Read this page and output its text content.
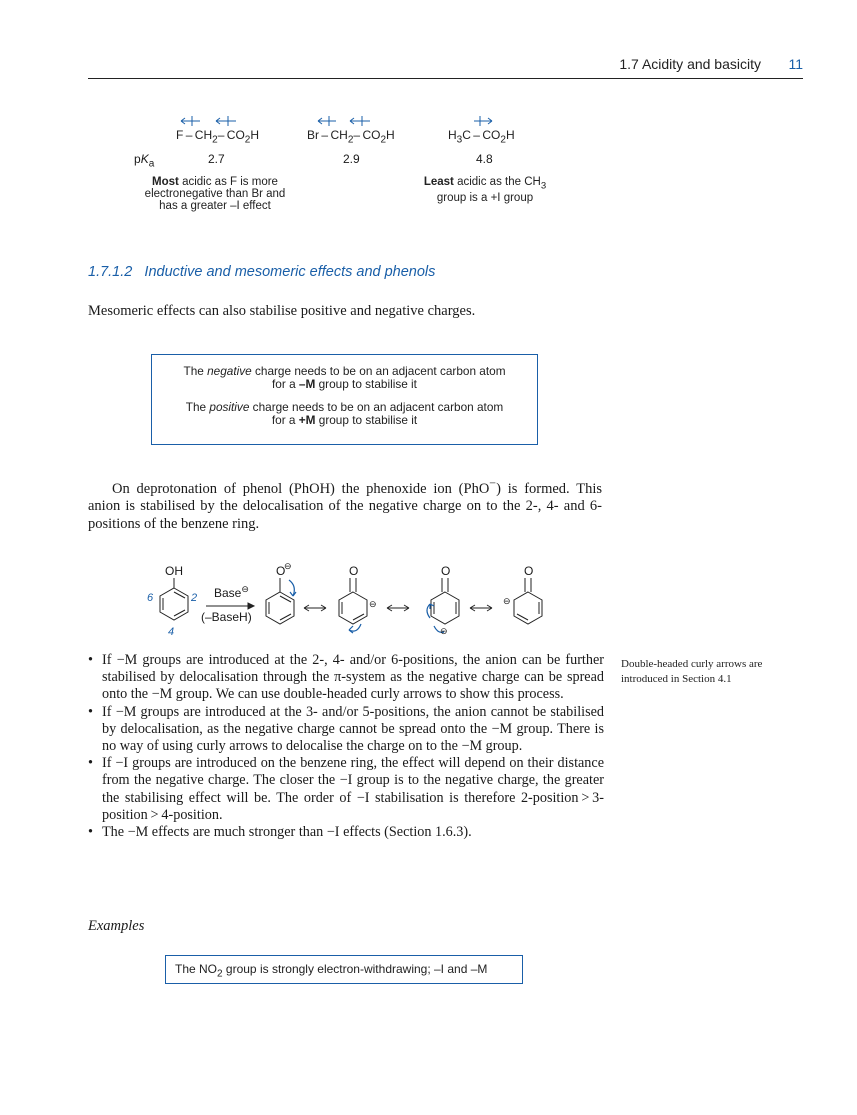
1.7 Acidity and basicity 11
F – $CH_2-$ $CO_2H$	Br – $CH_2-$ $CO_2H$	$H_3C - CO_2H$
$pK_a$	2.7	2.9	4.8
Most acidic as F is more
electronegative than Br and
has a greater –I effect
Least acidic as the $CH_3$
group is a +I group
1.7.1.2   Inductive and mesomeric effects and phenols
Mesomeric effects can also stabilise positive and negative charges.
The negative charge needs to be on an adjacent carbon atom
for a –M group to stabilise it
The positive charge needs to be on an adjacent carbon atom
for a +M group to stabilise it
On deprotonation of phenol (PhOH) the phenoxide ion (PhO−) is formed. This anion is stabilised by the delocalisation of the negative charge on to the 2-, 4- and 6-positions of the benzene ring.
OH
6	2
4
Base⊖
(–BaseH)
O	O	O	O
⊖
⊖
⊖
⊖
• If −M groups are introduced at the 2-, 4- and/or 6-positions, the anion can be further stabilised by delocalisation through the π-system as the negative charge can be spread onto the −M group. We can use double-headed curly arrows to show this process.
• If −M groups are introduced at the 3- and/or 5-positions, the anion cannot be stabilised by delocalisation, as the negative charge cannot be spread onto the −M group. There is no way of using curly arrows to delocalise the charge on to the −M group.
• If −I groups are introduced on the benzene ring, the effect will depend on their distance from the negative charge. The closer the −I group is to the negative charge, the greater the stabilising effect will be. The order of −I stabilisation is therefore 2-position > 3-position > 4-position.
• The −M effects are much stronger than −I effects (Section 1.6.3).
Double-headed curly arrows are introduced in Section 4.1
Examples
The $NO_2$ group is strongly electron-withdrawing; –I and –M
